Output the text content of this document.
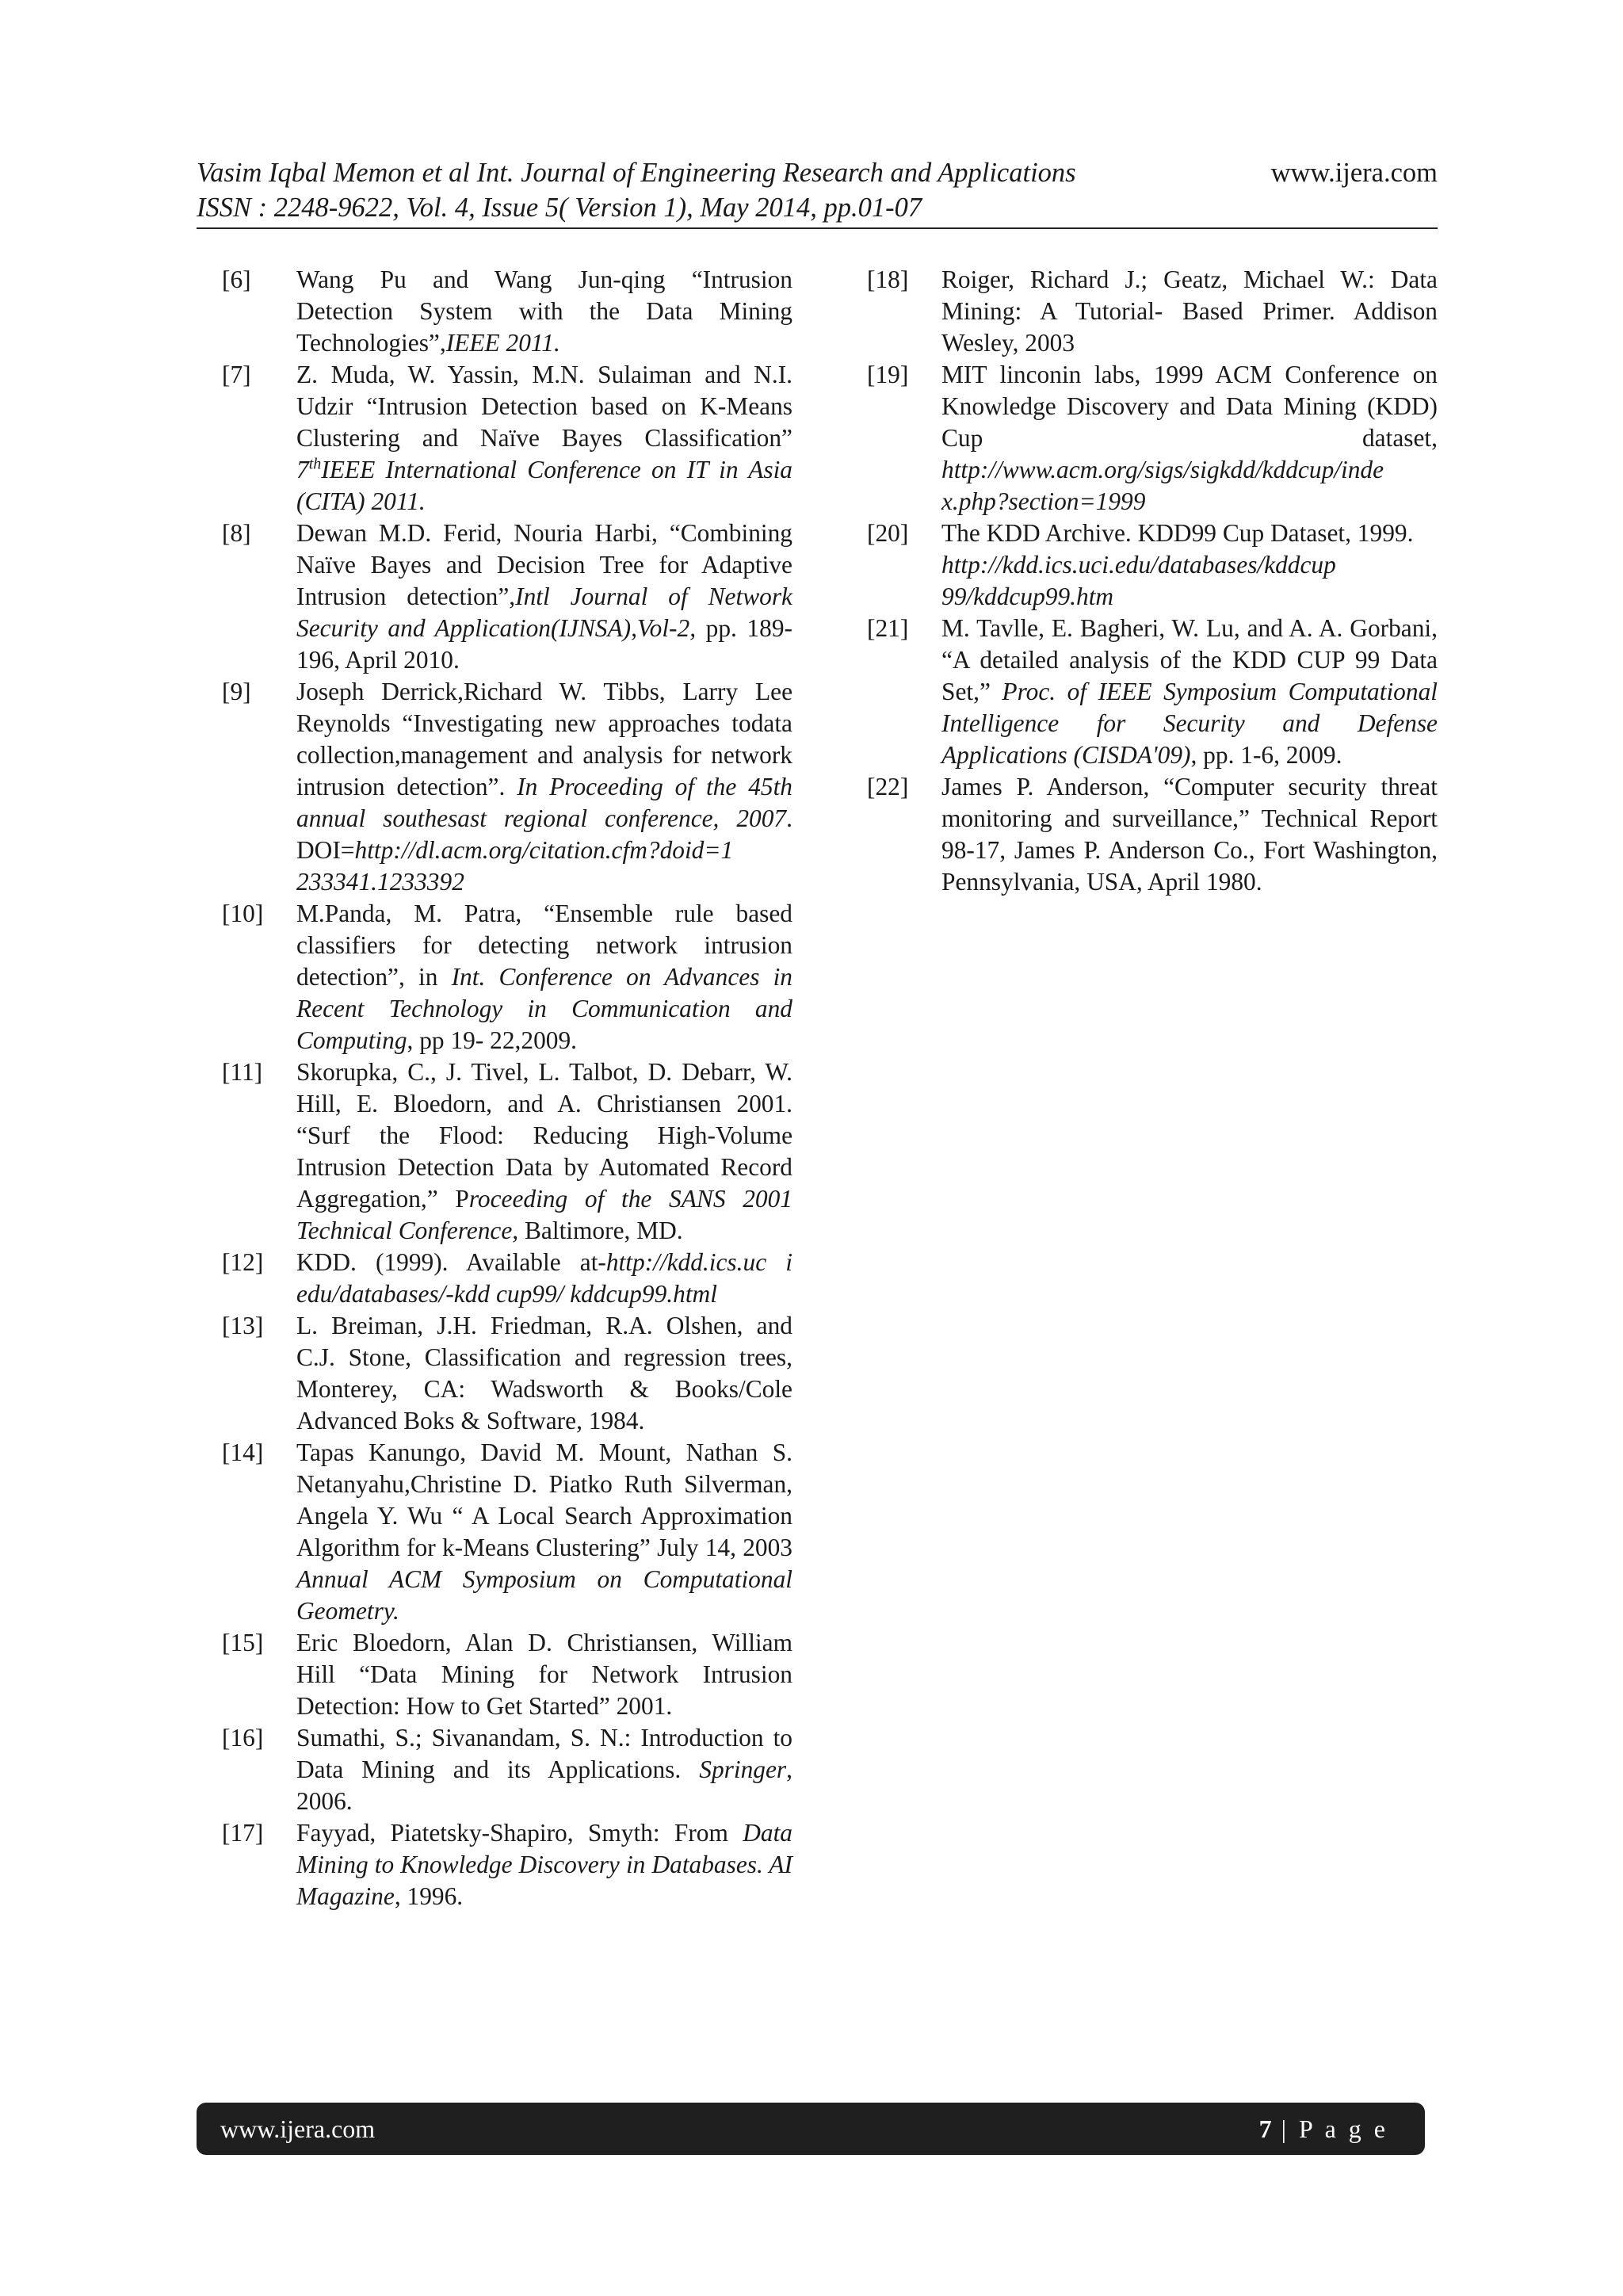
Vasim Iqbal Memon et al Int. Journal of Engineering Research and Applications	www.ijera.com
ISSN : 2248-9622, Vol. 4, Issue 5( Version 1), May 2014, pp.01-07
[6]	Wang Pu and Wang Jun-qing “Intrusion Detection System with the Data Mining Technologies”,IEEE 2011.
[7]	Z. Muda, W. Yassin, M.N. Sulaiman and N.I. Udzir “Intrusion Detection based on K-Means Clustering and Naïve Bayes Classification” 7thIEEE International Conference on IT in Asia (CITA) 2011.
[8]	Dewan M.D. Ferid, Nouria Harbi, “Combining Naïve Bayes and Decision Tree for Adaptive Intrusion detection”,Intl Journal of Network Security and Application(IJNSA),Vol-2, pp. 189-196, April 2010.
[9]	Joseph Derrick,Richard W. Tibbs, Larry Lee Reynolds “Investigating new approaches todata collection,management and analysis for network intrusion detection”. In Proceeding of the 45th annual southesast regional conference, 2007. DOI=http://dl.acm.org/citation.cfm?doid=1 233341.1233392
[10]	M.Panda, M. Patra, “Ensemble rule based classifiers for detecting network intrusion detection”, in Int. Conference on Advances in Recent Technology in Communication and Computing, pp 19- 22,2009.
[11]	Skorupka, C., J. Tivel, L. Talbot, D. Debarr, W. Hill, E. Bloedorn, and A. Christiansen 2001. “Surf the Flood: Reducing High-Volume Intrusion Detection Data by Automated Record Aggregation,” Proceeding of the SANS 2001 Technical Conference, Baltimore, MD.
[12]	KDD. (1999). Available at-http://kdd.ics.uc i edu/databases/-kdd cup99/ kddcup99.html
[13]	L. Breiman, J.H. Friedman, R.A. Olshen, and C.J. Stone, Classification and regression trees, Monterey, CA: Wadsworth & Books/Cole Advanced Boks & Software, 1984.
[14]	Tapas Kanungo, David M. Mount, Nathan S. Netanyahu,Christine D. Piatko Ruth Silverman, Angela Y. Wu “ A Local Search Approximation Algorithm for k-Means Clustering” July 14, 2003 Annual ACM Symposium on Computational Geometry.
[15]	Eric Bloedorn, Alan D. Christiansen, William Hill “Data Mining for Network Intrusion Detection: How to Get Started” 2001.
[16]	Sumathi, S.; Sivanandam, S. N.: Introduction to Data Mining and its Applications. Springer, 2006.
[17]	Fayyad, Piatetsky-Shapiro, Smyth: From Data Mining to Knowledge Discovery in Databases. AI Magazine, 1996.
[18]	Roiger, Richard J.; Geatz, Michael W.: Data Mining: A Tutorial- Based Primer. Addison Wesley, 2003
[19]	MIT linconin labs, 1999 ACM Conference on Knowledge Discovery and Data Mining (KDD) Cup dataset, http://www.acm.org/sigs/sigkdd/kddcup/inde x.php?section=1999
[20]	The KDD Archive. KDD99 Cup Dataset, 1999.
http://kdd.ics.uci.edu/databases/kddcup 99/kddcup99.htm
[21]	M. Tavlle, E. Bagheri, W. Lu, and A. A. Gorbani, “A detailed analysis of the KDD CUP 99 Data Set,” Proc. of IEEE Symposium Computational Intelligence for Security and Defense Applications (CISDA'09), pp. 1-6, 2009.
[22]	James P. Anderson, “Computer security threat monitoring and surveillance,” Technical Report 98-17, James P. Anderson Co., Fort Washington, Pennsylvania, USA, April 1980.
www.ijera.com	7 | P a g e
